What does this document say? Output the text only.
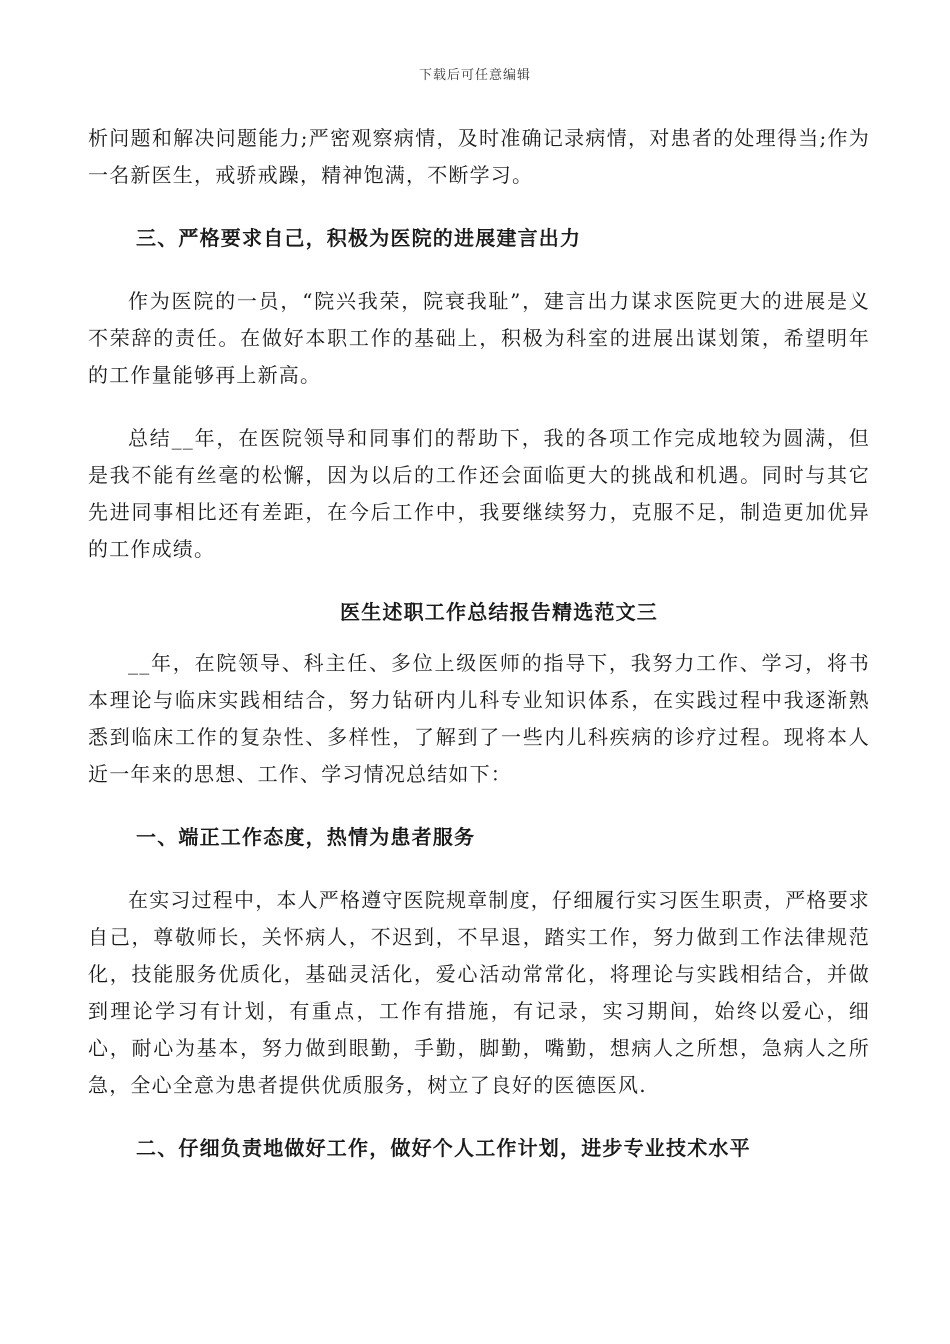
下载后可任意编辑

析问题和解决问题能力;严密观察病情，及时准确记录病情，对患者的处理得当;作为一名新医生，戒骄戒躁，精神饱满，不断学习。

三、严格要求自己，积极为医院的进展建言出力

作为医院的一员，“院兴我荣，院衰我耻”，建言出力谋求医院更大的进展是义不荣辞的责任。在做好本职工作的基础上，积极为科室的进展出谋划策，希望明年的工作量能够再上新高。

总结__年，在医院领导和同事们的帮助下，我的各项工作完成地较为圆满，但是我不能有丝毫的松懈，因为以后的工作还会面临更大的挑战和机遇。同时与其它先进同事相比还有差距，在今后工作中，我要继续努力，克服不足，制造更加优异的工作成绩。

医生述职工作总结报告精选范文三

__年，在院领导、科主任、多位上级医师的指导下，我努力工作、学习，将书本理论与临床实践相结合，努力钻研内儿科专业知识体系，在实践过程中我逐渐熟悉到临床工作的复杂性、多样性，了解到了一些内儿科疾病的诊疗过程。现将本人近一年来的思想、工作、学习情况总结如下：

一、端正工作态度，热情为患者服务

在实习过程中，本人严格遵守医院规章制度，仔细履行实习医生职责，严格要求自己，尊敬师长，关怀病人，不迟到，不早退，踏实工作，努力做到工作法律规范化，技能服务优质化，基础灵活化，爱心活动常常化，将理论与实践相结合，并做到理论学习有计划，有重点，工作有措施，有记录，实习期间，始终以爱心，细心，耐心为基本，努力做到眼勤，手勤，脚勤，嘴勤，想病人之所想，急病人之所急，全心全意为患者提供优质服务，树立了良好的医德医风.

二、仔细负责地做好工作，做好个人工作计划，进步专业技术水平
